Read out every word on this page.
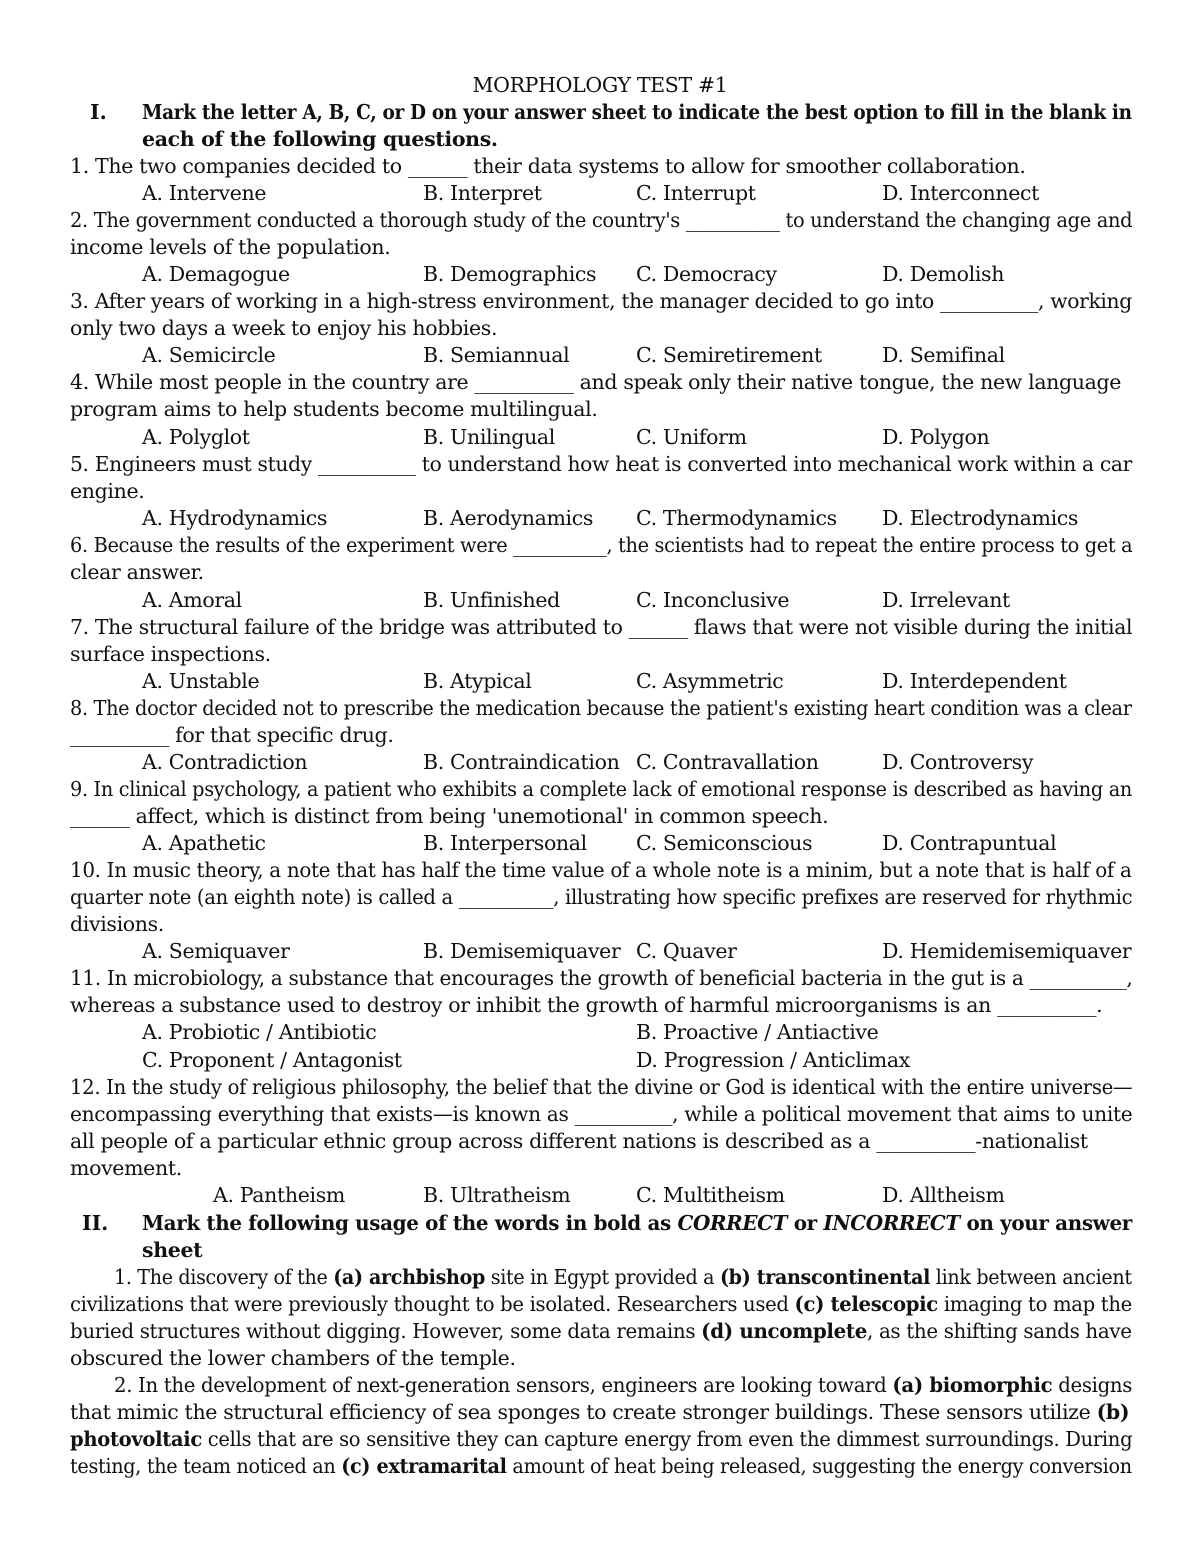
MORPHOLOGY TEST #1
I. Mark the letter A, B, C, or D on your answer sheet to indicate the best option to fill in the blank in
each of the following questions.
1. The two companies decided to ______ their data systems to allow for smoother collaboration.
A. Intervene	B. Interpret	C. Interrupt	D. Interconnect
2. The government conducted a thorough study of the country's __________ to understand the changing age and
income levels of the population.
A. Demagogue	B. Demographics C. Democracy	D. Demolish
3. After years of working in a high-stress environment, the manager decided to go into __________, working
only two days a week to enjoy his hobbies.
A. Semicircle	B. Semiannual	C. Semiretirement	D. Semifinal
4. While most people in the country are __________ and speak only their native tongue, the new language
program aims to help students become multilingual.
A. Polyglot	B. Unilingual	C. Uniform	D. Polygon
5. Engineers must study __________ to understand how heat is converted into mechanical work within a car
engine.
A. Hydrodynamics	B. Aerodynamics C. Thermodynamics D. Electrodynamics
6. Because the results of the experiment were __________, the scientists had to repeat the entire process to get a
clear answer.
A. Amoral	B. Unfinished	C. Inconclusive	D. Irrelevant
7. The structural failure of the bridge was attributed to ______ flaws that were not visible during the initial
surface inspections.
A. Unstable	B. Atypical	C. Asymmetric	D. Interdependent
8. The doctor decided not to prescribe the medication because the patient's existing heart condition was a clear
__________ for that specific drug.
A. Contradiction	B. Contraindication C. Contravallation	D. Controversy
9. In clinical psychology, a patient who exhibits a complete lack of emotional response is described as having an
______ affect, which is distinct from being 'unemotional' in common speech.
A. Apathetic	B. Interpersonal C. Semiconscious	D. Contrapuntual
10. In music theory, a note that has half the time value of a whole note is a minim, but a note that is half of a
quarter note (an eighth note) is called a __________, illustrating how specific prefixes are reserved for rhythmic
divisions.
A. Semiquaver	B. Demisemiquaver C. Quaver	D. Hemidemisemiquaver
11. In microbiology, a substance that encourages the growth of beneficial bacteria in the gut is a __________,
whereas a substance used to destroy or inhibit the growth of harmful microorganisms is an __________.
A. Probiotic / Antibiotic	B. Proactive / Antiactive
C. Proponent / Antagonist	D. Progression / Anticlimax
12. In the study of religious philosophy, the belief that the divine or God is identical with the entire universe—
encompassing everything that exists—is known as __________, while a political movement that aims to unite
all people of a particular ethnic group across different nations is described as a __________-nationalist
movement.
A. Pantheism	B. Ultratheism	C. Multitheism	D. Alltheism
II. Mark the following usage of the words in bold as CORRECT or INCORRECT on your answer
sheet
1. The discovery of the (a) archbishop site in Egypt provided a (b) transcontinental link between ancient
civilizations that were previously thought to be isolated. Researchers used (c) telescopic imaging to map the
buried structures without digging. However, some data remains (d) uncomplete, as the shifting sands have
obscured the lower chambers of the temple.
2. In the development of next-generation sensors, engineers are looking toward (a) biomorphic designs
that mimic the structural efficiency of sea sponges to create stronger buildings. These sensors utilize (b)
photovoltaic cells that are so sensitive they can capture energy from even the dimmest surroundings. During
testing, the team noticed an (c) extramarital amount of heat being released, suggesting the energy conversion
